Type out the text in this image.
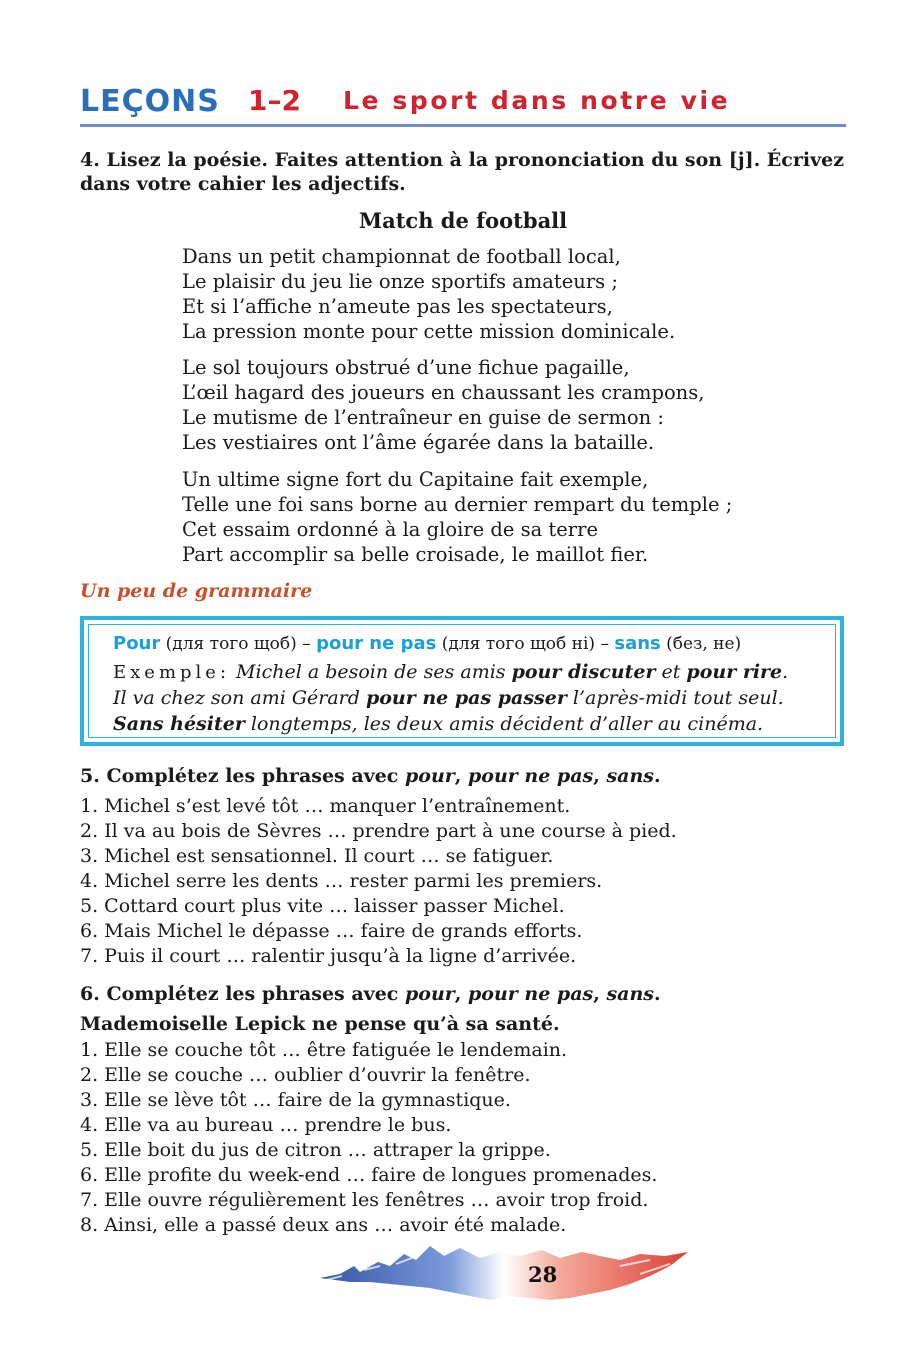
LEÇONS 1–2 Le sport dans notre vie
4. Lisez la poésie. Faites attention à la prononciation du son [j]. Écrivez
dans votre cahier les adjectifs.
Match de football
Dans un petit championnat de football local,
Le plaisir du jeu lie onze sportifs amateurs ;
Et si l’affiche n’ameute pas les spectateurs,
La pression monte pour cette mission dominicale.
Le sol toujours obstrué d’une fichue pagaille,
L’œil hagard des joueurs en chaussant les crampons,
Le mutisme de l’entraîneur en guise de sermon :
Les vestiaires ont l’âme égarée dans la bataille.
Un ultime signe fort du Capitaine fait exemple,
Telle une foi sans borne au dernier rempart du temple ;
Cet essaim ordonné à la gloire de sa terre
Part accomplir sa belle croisade, le maillot fier.
Un peu de grammaire
Pour (для того щоб) – pour ne pas (для того щоб ні) – sans (без, не)
Exemple: Michel a besoin de ses amis pour discuter et pour rire.
Il va chez son ami Gérard pour ne pas passer l’après-midi tout seul.
Sans hésiter longtemps, les deux amis décident d’aller au cinéma.
5. Complétez les phrases avec pour, pour ne pas, sans.
1. Michel s’est levé tôt … manquer l’entraînement.
2. Il va au bois de Sèvres … prendre part à une course à pied.
3. Michel est sensationnel. Il court … se fatiguer.
4. Michel serre les dents … rester parmi les premiers.
5. Cottard court plus vite … laisser passer Michel.
6. Mais Michel le dépasse … faire de grands efforts.
7. Puis il court … ralentir jusqu’à la ligne d’arrivée.
6. Complétez les phrases avec pour, pour ne pas, sans.
Mademoiselle Lepick ne pense qu’à sa santé.
1. Elle se couche tôt … être fatiguée le lendemain.
2. Elle se couche … oublier d’ouvrir la fenêtre.
3. Elle se lève tôt … faire de la gymnastique.
4. Elle va au bureau … prendre le bus.
5. Elle boit du jus de citron … attraper la grippe.
6. Elle profite du week-end … faire de longues promenades.
7. Elle ouvre régulièrement les fenêtres … avoir trop froid.
8. Ainsi, elle a passé deux ans … avoir été malade.
28
